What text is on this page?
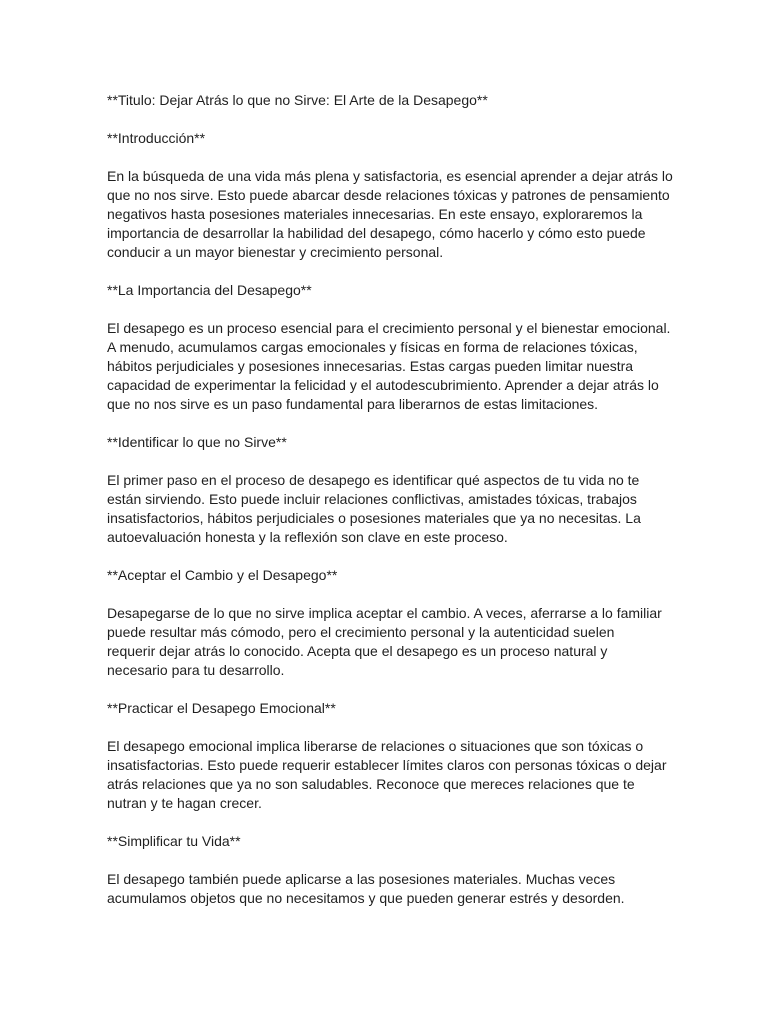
**Titulo: Dejar Atrás lo que no Sirve: El Arte de la Desapego**

**Introducción**

En la búsqueda de una vida más plena y satisfactoria, es esencial aprender a dejar atrás lo
que no nos sirve. Esto puede abarcar desde relaciones tóxicas y patrones de pensamiento
negativos hasta posesiones materiales innecesarias. En este ensayo, exploraremos la
importancia de desarrollar la habilidad del desapego, cómo hacerlo y cómo esto puede
conducir a un mayor bienestar y crecimiento personal.

**La Importancia del Desapego**

El desapego es un proceso esencial para el crecimiento personal y el bienestar emocional.
A menudo, acumulamos cargas emocionales y físicas en forma de relaciones tóxicas,
hábitos perjudiciales y posesiones innecesarias. Estas cargas pueden limitar nuestra
capacidad de experimentar la felicidad y el autodescubrimiento. Aprender a dejar atrás lo
que no nos sirve es un paso fundamental para liberarnos de estas limitaciones.

**Identificar lo que no Sirve**

El primer paso en el proceso de desapego es identificar qué aspectos de tu vida no te
están sirviendo. Esto puede incluir relaciones conflictivas, amistades tóxicas, trabajos
insatisfactorios, hábitos perjudiciales o posesiones materiales que ya no necesitas. La
autoevaluación honesta y la reflexión son clave en este proceso.

**Aceptar el Cambio y el Desapego**

Desapegarse de lo que no sirve implica aceptar el cambio. A veces, aferrarse a lo familiar
puede resultar más cómodo, pero el crecimiento personal y la autenticidad suelen
requerir dejar atrás lo conocido. Acepta que el desapego es un proceso natural y
necesario para tu desarrollo.

**Practicar el Desapego Emocional**

El desapego emocional implica liberarse de relaciones o situaciones que son tóxicas o
insatisfactorias. Esto puede requerir establecer límites claros con personas tóxicas o dejar
atrás relaciones que ya no son saludables. Reconoce que mereces relaciones que te
nutran y te hagan crecer.

**Simplificar tu Vida**

El desapego también puede aplicarse a las posesiones materiales. Muchas veces
acumulamos objetos que no necesitamos y que pueden generar estrés y desorden.
